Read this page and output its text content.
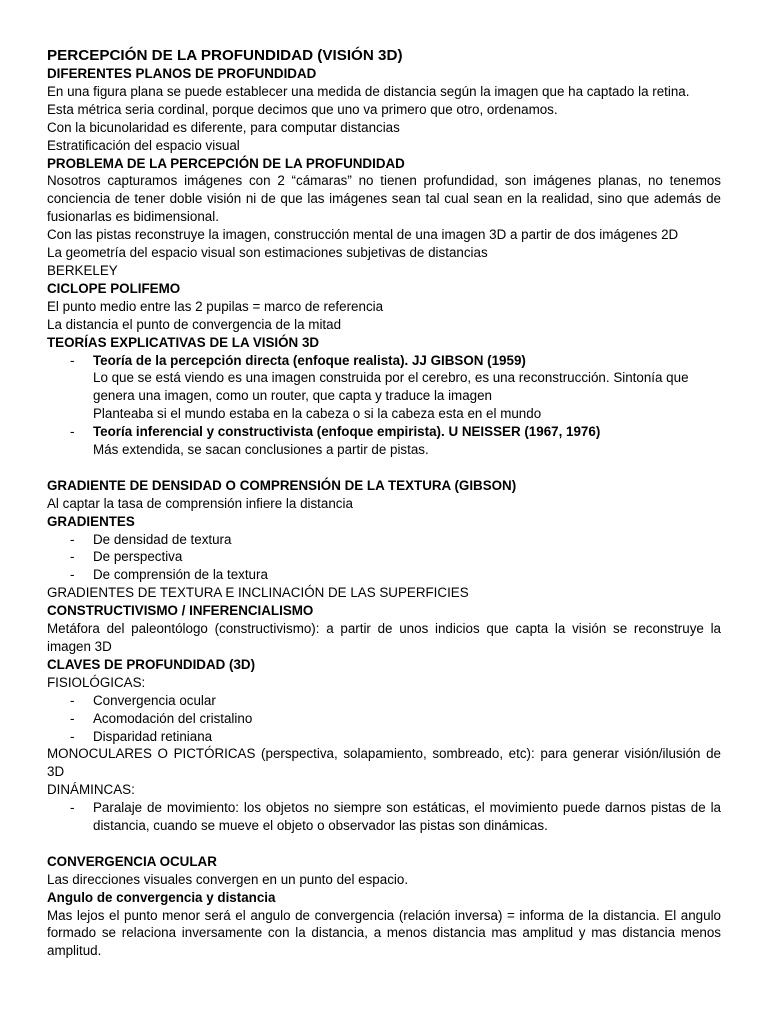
PERCEPCIÓN DE LA PROFUNDIDAD (VISIÓN 3D)

DIFERENTES PLANOS DE PROFUNDIDAD

En una figura plana se puede establecer una medida de distancia según la imagen que ha captado la retina.

Esta métrica seria cordinal, porque decimos que uno va primero que otro, ordenamos.

Con la bicunolaridad es diferente, para computar distancias

Estratificación del espacio visual

PROBLEMA DE LA PERCEPCIÓN DE LA PROFUNDIDAD

Nosotros capturamos imágenes con 2 “cámaras” no tienen profundidad, son imágenes planas, no tenemos conciencia de tener doble visión ni de que las imágenes sean tal cual sean en la realidad, sino que además de fusionarlas es bidimensional.

Con las pistas reconstruye la imagen, construcción mental de una imagen 3D a partir de dos imágenes 2D

La geometría del espacio visual son estimaciones subjetivas de distancias

BERKELEY

CICLOPE POLIFEMO

El punto medio entre las 2 pupilas = marco de referencia

La distancia el punto de convergencia de la mitad

TEORÍAS EXPLICATIVAS DE LA VISIÓN 3D

-	Teoría de la percepción directa (enfoque realista). JJ GIBSON (1959)

Lo que se está viendo es una imagen construida por el cerebro, es una reconstrucción. Sintonía que genera una imagen, como un router, que capta y traduce la imagen

Planteaba si el mundo estaba en la cabeza o si la cabeza esta en el mundo

-	Teoría inferencial y constructivista (enfoque empirista). U NEISSER (1967, 1976)

Más extendida, se sacan conclusiones a partir de pistas.

GRADIENTE DE DENSIDAD O COMPRENSIÓN DE LA TEXTURA (GIBSON)

Al captar la tasa de comprensión infiere la distancia

GRADIENTES

-	De densidad de textura
-	De perspectiva
-	De comprensión de la textura

GRADIENTES DE TEXTURA E INCLINACIÓN DE LAS SUPERFICIES

CONSTRUCTIVISMO / INFERENCIALISMO

Metáfora del paleontólogo (constructivismo): a partir de unos indicios que capta la visión se reconstruye la imagen 3D

CLAVES DE PROFUNDIDAD (3D)

FISIOLÓGICAS:

-	Convergencia ocular
-	Acomodación del cristalino
-	Disparidad retiniana

MONOCULARES O PICTÓRICAS (perspectiva, solapamiento, sombreado, etc): para generar visión/ilusión de 3D

DINÁMINCAS:

-	Paralaje de movimiento: los objetos no siempre son estáticas, el movimiento puede darnos pistas de la distancia, cuando se mueve el objeto o observador las pistas son dinámicas.

CONVERGENCIA OCULAR

Las direcciones visuales convergen en un punto del espacio.

Angulo de convergencia y distancia

Mas lejos el punto menor será el angulo de convergencia (relación inversa) = informa de la distancia. El angulo formado se relaciona inversamente con la distancia, a menos distancia mas amplitud y mas distancia menos amplitud.
